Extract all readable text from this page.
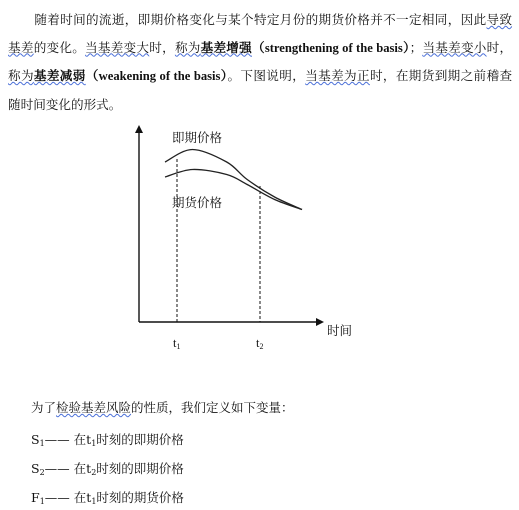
随着时间的流逝，即期价格变化与某个特定月份的期货价格并不一定相同，因此导致基差的变化。当基差变大时，称为基差增强（strengthening of the basis）；当基差变小时，称为基差减弱（weakening of the basis）。下图说明，当基差为正时，在期货到期之前稽查随时间变化的形式。
即期价格
期货价格
时间
$t_1$	$t_2$
为了检验基差风险的性质，我们定义如下变量：
$S_1——$ 在$t_1$时刻的即期价格
$S_2——$ 在$t_2$时刻的即期价格
$F_1——$ 在$t_1$时刻的期货价格
